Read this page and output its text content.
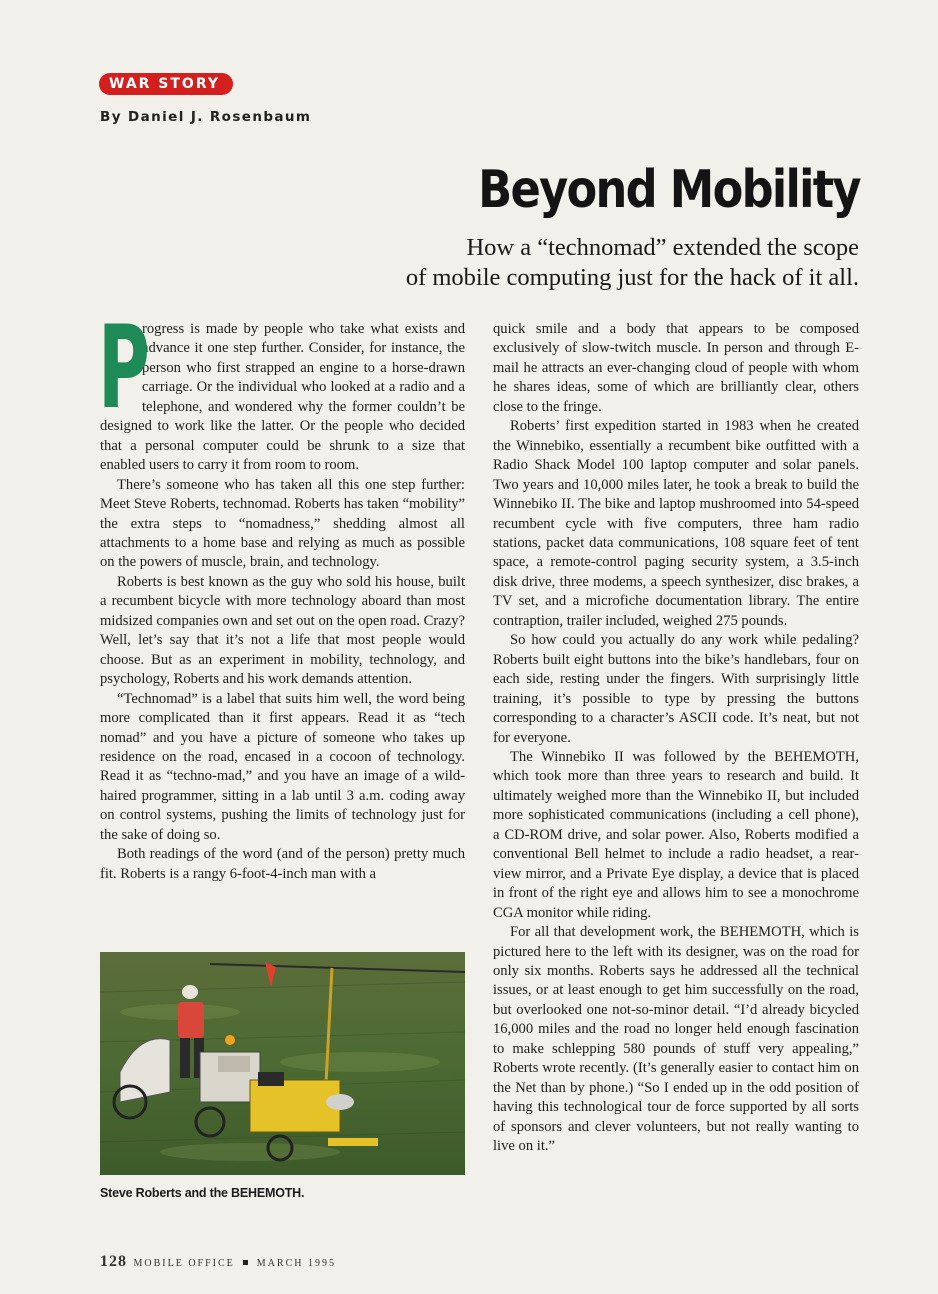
WAR STORY
By Daniel J. Rosenbaum
Beyond Mobility
How a “technomad” extended the scope
of mobile computing just for the hack of it all.

P
rogress is made by people who take what exists and advance it one step further. Consider, for instance, the person who first strapped an engine to a horse-drawn carriage. Or the individual who looked at a radio and a telephone, and wondered why the former couldn’t be designed to work like the latter. Or the people who decided that a personal computer could be shrunk to a size that enabled users to carry it from room to room.

There’s someone who has taken all this one step further: Meet Steve Roberts, technomad. Roberts has taken “mobility” the extra steps to “nomadness,” shedding almost all attachments to a home base and relying as much as possible on the powers of muscle, brain, and technology.

Roberts is best known as the guy who sold his house, built a recumbent bicycle with more technology aboard than most midsized companies own and set out on the open road. Crazy? Well, let’s say that it’s not a life that most people would choose. But as an experiment in mobility, technology, and psychology, Roberts and his work demands attention.

“Technomad” is a label that suits him well, the word being more complicated than it first appears. Read it as “tech nomad” and you have a picture of someone who takes up residence on the road, encased in a cocoon of technology. Read it as “techno-mad,” and you have an image of a wild-haired programmer, sitting in a lab until 3 a.m. coding away on control systems, pushing the limits of technology just for the sake of doing so.

Both readings of the word (and of the person) pretty much fit. Roberts is a rangy 6-foot-4-inch man with a

Steve Roberts and the BEHEMOTH.

quick smile and a body that appears to be composed exclusively of slow-twitch muscle. In person and through E-mail he attracts an ever-changing cloud of people with whom he shares ideas, some of which are brilliantly clear, others close to the fringe.

Roberts’ first expedition started in 1983 when he created the Winnebiko, essentially a recumbent bike outfitted with a Radio Shack Model 100 laptop computer and solar panels. Two years and 10,000 miles later, he took a break to build the Winnebiko II. The bike and laptop mushroomed into 54-speed recumbent cycle with five computers, three ham radio stations, packet data communications, 108 square feet of tent space, a remote-control paging security system, a 3.5-inch disk drive, three modems, a speech synthesizer, disc brakes, a TV set, and a microfiche documentation library. The entire contraption, trailer included, weighed 275 pounds.

So how could you actually do any work while pedaling? Roberts built eight buttons into the bike’s handlebars, four on each side, resting under the fingers. With surprisingly little training, it’s possible to type by pressing the buttons corresponding to a character’s ASCII code. It’s neat, but not for everyone.

The Winnebiko II was followed by the BEHEMOTH, which took more than three years to research and build. It ultimately weighed more than the Winnebiko II, but included more sophisticated communications (including a cell phone), a CD-ROM drive, and solar power. Also, Roberts modified a conventional Bell helmet to include a radio headset, a rear-view mirror, and a Private Eye display, a device that is placed in front of the right eye and allows him to see a monochrome CGA monitor while riding.

For all that development work, the BEHEMOTH, which is pictured here to the left with its designer, was on the road for only six months. Roberts says he addressed all the technical issues, or at least enough to get him successfully on the road, but overlooked one not-so-minor detail. “I’d already bicycled 16,000 miles and the road no longer held enough fascination to make schlepping 580 pounds of stuff very appealing,” Roberts wrote recently. (It’s generally easier to contact him on the Net than by phone.) “So I ended up in the odd position of having this technological tour de force supported by all sorts of sponsors and clever volunteers, but not really wanting to live on it.”

128 MOBILE OFFICE MARCH 1995
